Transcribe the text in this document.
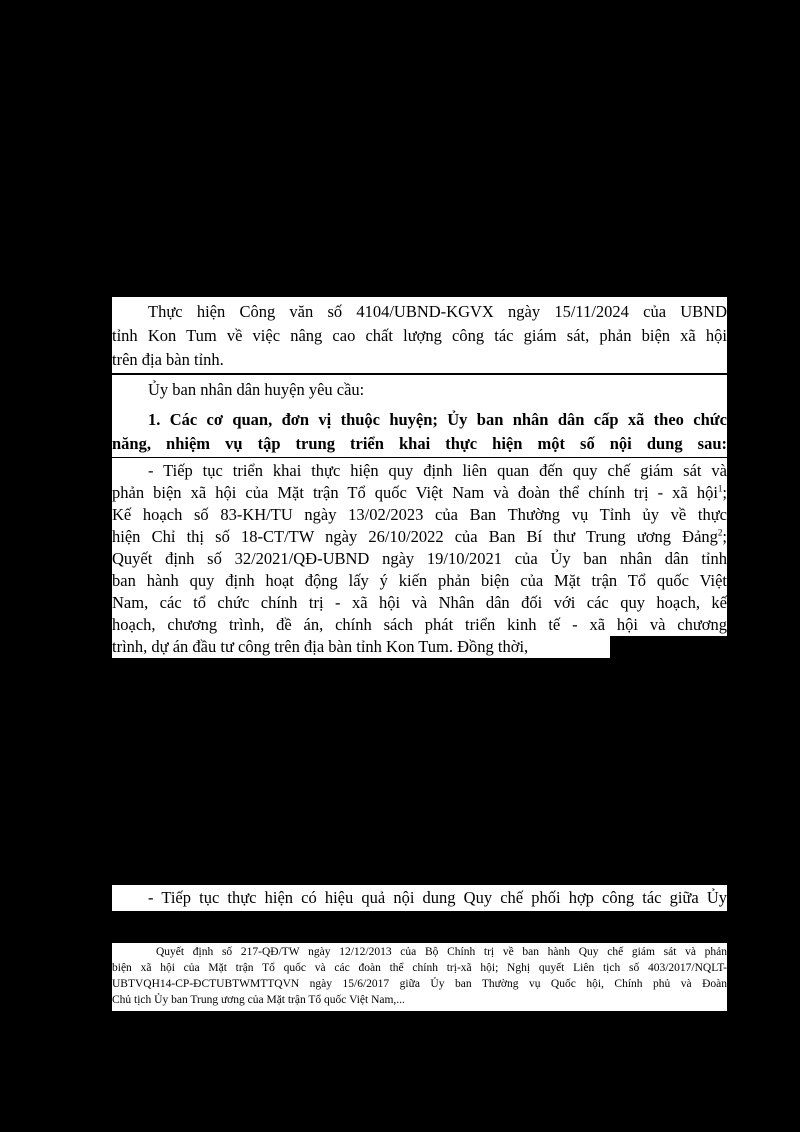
Thực hiện Công văn số 4104/UBND-KGVX ngày 15/11/2024 của UBND
tỉnh Kon Tum về việc nâng cao chất lượng công tác giám sát, phản biện xã hội
trên địa bàn tỉnh.
Ủy ban nhân dân huyện yêu cầu:
1. Các cơ quan, đơn vị thuộc huyện; Ủy ban nhân dân cấp xã theo chức
năng, nhiệm vụ tập trung triển khai thực hiện một số nội dung sau:
- Tiếp tục triển khai thực hiện quy định liên quan đến quy chế giám sát và
phản biện xã hội của Mặt trận Tổ quốc Việt Nam và đoàn thể chính trị - xã hội$^1$;
Kế hoạch số 83-KH/TU ngày 13/02/2023 của Ban Thường vụ Tỉnh ủy về thực
hiện Chỉ thị số 18-CT/TW ngày 26/10/2022 của Ban Bí thư Trung ương Đảng$^2$;
Quyết định số 32/2021/QĐ-UBND ngày 19/10/2021 của Ủy ban nhân dân tỉnh
ban hành quy định hoạt động lấy ý kiến phản biện của Mặt trận Tổ quốc Việt
Nam, các tổ chức chính trị - xã hội và Nhân dân đối với các quy hoạch, kế
hoạch, chương trình, đề án, chính sách phát triển kinh tế - xã hội và chương
trình, dự án đầu tư công trên địa bàn tỉnh Kon Tum. Đồng thời,
- Tiếp tục thực hiện có hiệu quả nội dung Quy chế phối hợp công tác giữa Ủy
Quyết định số 217-QĐ/TW ngày 12/12/2013 của Bộ Chính trị về ban hành Quy chế giám sát và phản
biện xã hội của Mặt trận Tổ quốc và các đoàn thể chính trị-xã hội; Nghị quyết Liên tịch số 403/2017/NQLT-
UBTVQH14-CP-ĐCTUBTWMTTQVN ngày 15/6/2017 giữa Ủy ban Thường vụ Quốc hội, Chính phủ và Đoàn
Chủ tịch Ủy ban Trung ương của Mặt trận Tổ quốc Việt Nam,...
